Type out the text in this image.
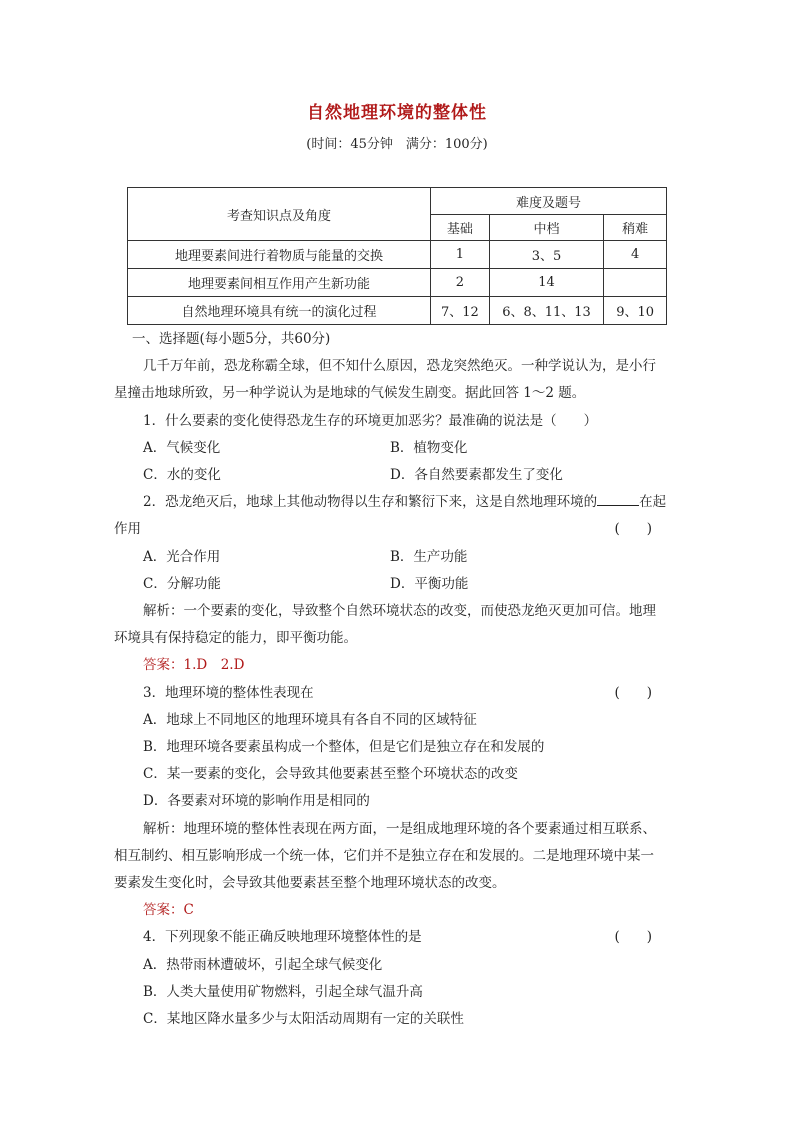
自然地理环境的整体性
(时间：45分钟　满分：100分)
考查知识点及角度	难度及题号		
	基础	中档	稍难
地理要素间进行着物质与能量的交换	1	3、5	4
地理要素间相互作用产生新功能	2	14	
自然地理环境具有统一的演化过程	7、12	6、8、11、13	9、10

一、选择题(每小题5分，共60分)

几千万年前，恐龙称霸全球，但不知什么原因，恐龙突然绝灭。一种学说认为，是小行

星撞击地球所致，另一种学说认为是地球的气候发生剧变。据此回答 1～2 题。

1．什么要素的变化使得恐龙生存的环境更加恶劣？最准确的说法是（　　）

A．气候变化	B．植物变化
C．水的变化	D．各自然要素都发生了变化

2．恐龙绝灭后，地球上其他动物得以生存和繁衍下来，这是自然地理环境的	在起

作用	(　　)

A．光合作用	B．生产功能
C．分解功能	D．平衡功能

解析：一个要素的变化，导致整个自然环境状态的改变，而使恐龙绝灭更加可信。地理

环境具有保持稳定的能力，即平衡功能。

答案：1.D　2.D

3．地理环境的整体性表现在	(　　)

A．地球上不同地区的地理环境具有各自不同的区域特征

B．地理环境各要素虽构成一个整体，但是它们是独立存在和发展的

C．某一要素的变化，会导致其他要素甚至整个环境状态的改变

D．各要素对环境的影响作用是相同的

解析：地理环境的整体性表现在两方面，一是组成地理环境的各个要素通过相互联系、

相互制约、相互影响形成一个统一体，它们并不是独立存在和发展的。二是地理环境中某一

要素发生变化时，会导致其他要素甚至整个地理环境状态的改变。

答案：C

4．下列现象不能正确反映地理环境整体性的是	(　　)

A．热带雨林遭破坏，引起全球气候变化

B．人类大量使用矿物燃料，引起全球气温升高

C．某地区降水量多少与太阳活动周期有一定的关联性
